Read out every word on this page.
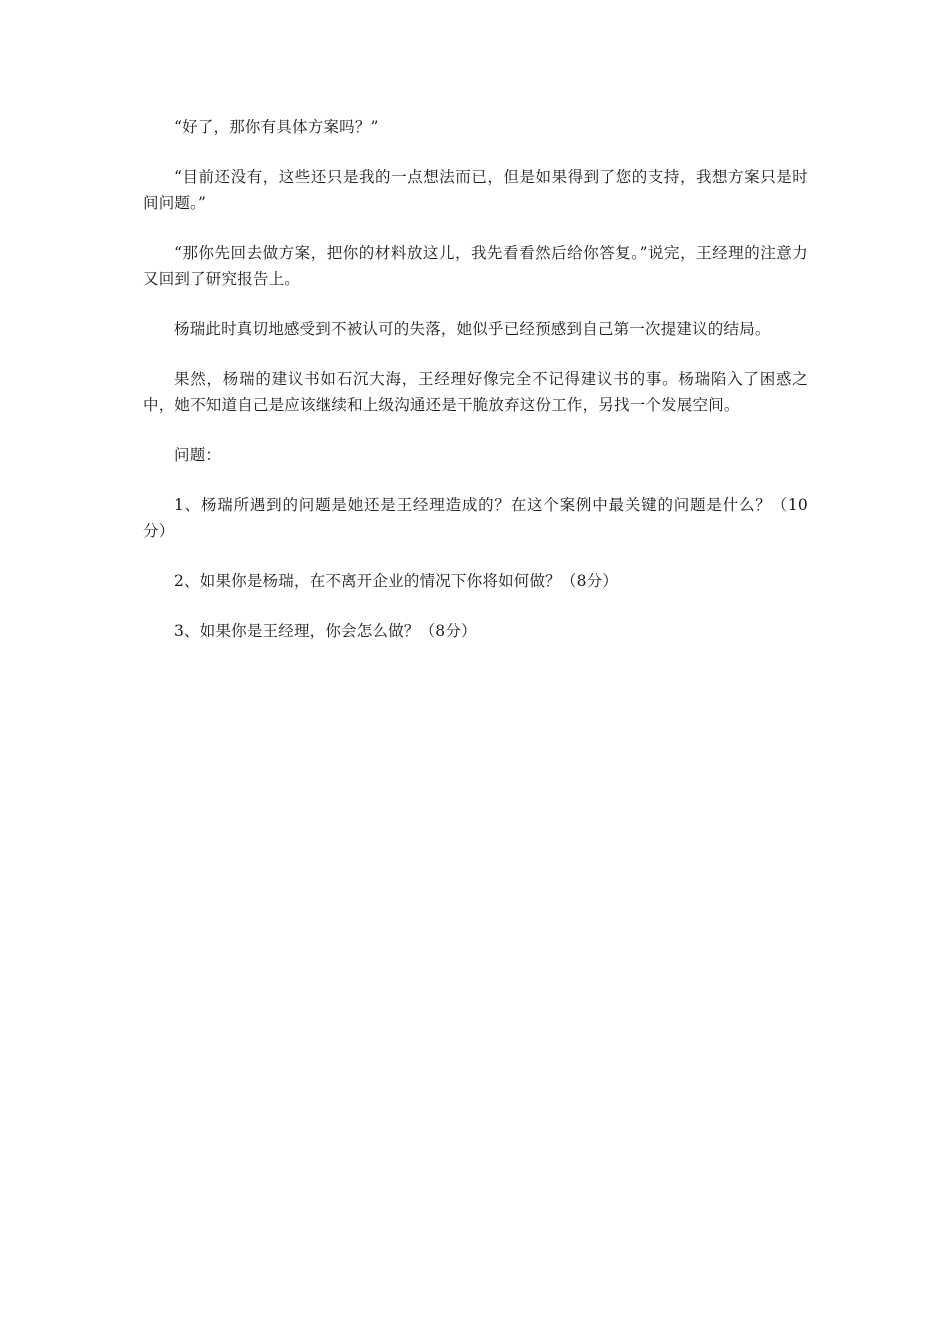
“好了，那你有具体方案吗？”

“目前还没有，这些还只是我的一点想法而已，但是如果得到了您的支持，我想方案只是时间问题。”

“那你先回去做方案，把你的材料放这儿，我先看看然后给你答复。”说完，王经理的注意力又回到了研究报告上。

杨瑞此时真切地感受到不被认可的失落，她似乎已经预感到自己第一次提建议的结局。

果然，杨瑞的建议书如石沉大海，王经理好像完全不记得建议书的事。杨瑞陷入了困惑之中，她不知道自己是应该继续和上级沟通还是干脆放弃这份工作，另找一个发展空间。

问题：

1、杨瑞所遇到的问题是她还是王经理造成的？在这个案例中最关键的问题是什么？（10分）

2、如果你是杨瑞，在不离开企业的情况下你将如何做？（8分）

3、如果你是王经理，你会怎么做？（8分）
